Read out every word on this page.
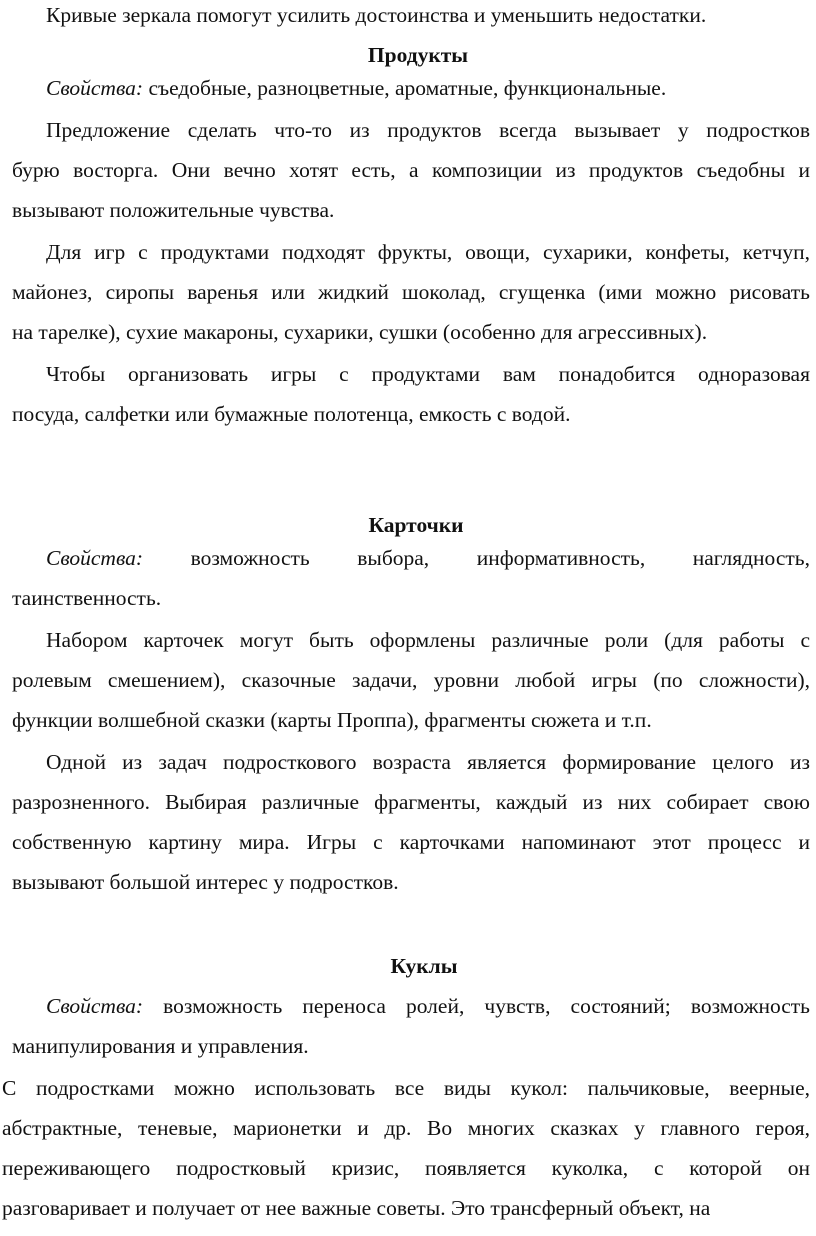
Кривые зеркала помогут усилить достоинства и уменьшить недостатки.
Продукты
Свойства: съедобные, разноцветные, ароматные, функциональные.
Предложение сделать что-то из продуктов всегда вызывает у подростков
бурю восторга. Они вечно хотят есть, а композиции из продуктов съедобны и
вызывают положительные чувства.
Для игр с продуктами подходят фрукты, овощи, сухарики, конфеты, кетчуп,
майонез, сиропы варенья или жидкий шоколад, сгущенка (ими можно рисовать
на тарелке), сухие макароны, сухарики, сушки (особенно для агрессивных).
Чтобы организовать игры с продуктами вам понадобится одноразовая
посуда, салфетки или бумажные полотенца, емкость с водой.
Карточки
Свойства: возможность выбора, информативность, наглядность,
таинственность.
Набором карточек могут быть оформлены различные роли (для работы с
ролевым смешением), сказочные задачи, уровни любой игры (по сложности),
функции волшебной сказки (карты Проппа), фрагменты сюжета и т.п.
Одной из задач подросткового возраста является формирование целого из
разрозненного. Выбирая различные фрагменты, каждый из них собирает свою
собственную картину мира. Игры с карточками напоминают этот процесс и
вызывают большой интерес у подростков.
Куклы
Свойства: возможность переноса ролей, чувств, состояний; возможность
манипулирования и управления.
С подростками можно использовать все виды кукол: пальчиковые, веерные,
абстрактные, теневые, марионетки и др. Во многих сказках у главного героя,
переживающего подростковый кризис, появляется куколка, с которой он
разговаривает и получает от нее важные советы. Это трансферный объект, на
